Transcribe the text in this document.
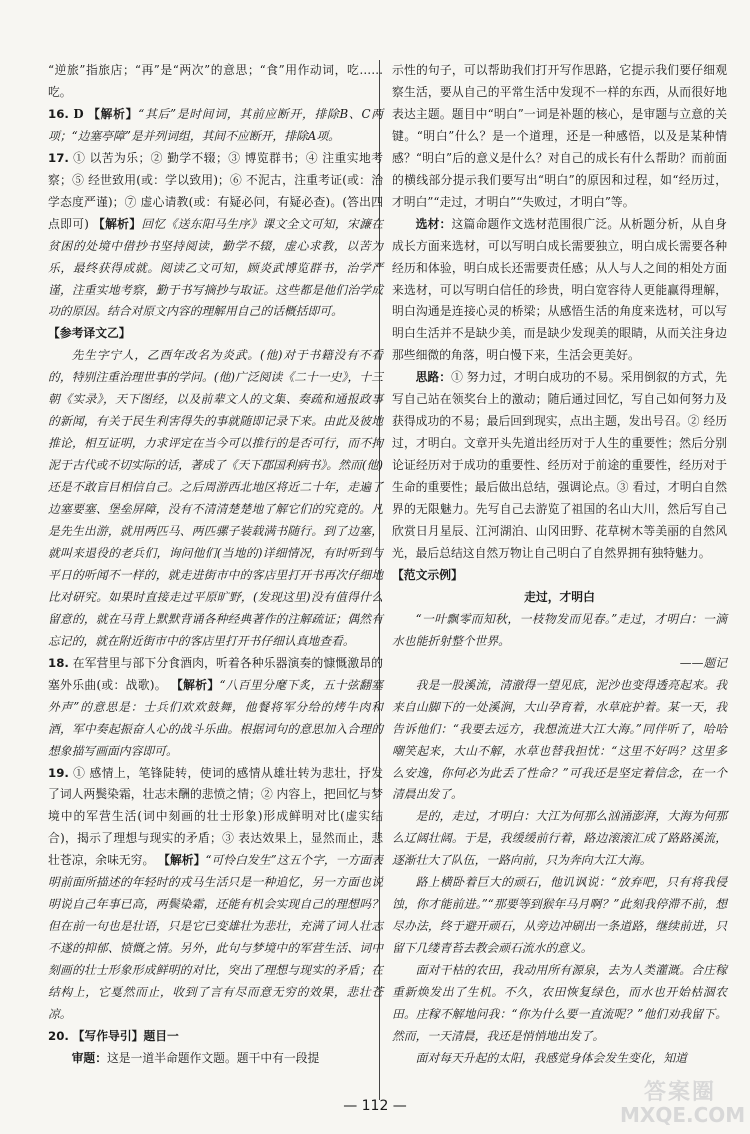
“逆旅”指旅店；“再”是“两次”的意思；“食”用作动词，吃……吃。

16. D 【解析】“其后”是时间词，其前应断开，排除B、C两项；“边塞亭障”是并列词组，其间不应断开，排除A项。

17. ① 以苦为乐；② 勤学不辍；③ 博览群书；④ 注重实地考察；⑤ 经世致用(或：学以致用)；⑥ 不泥古，注重考证(或：治学态度严谨)；⑦ 虚心请教(或：有疑必问，有疑必查)。(答出四点即可) 【解析】回忆《送东阳马生序》课文全文可知，宋濂在贫困的处境中借抄书坚持阅读，勤学不辍，虚心求教，以苦为乐，最终获得成就。阅读乙文可知，顾炎武博览群书，治学严谨，注重实地考察，勤于书写摘抄与取证。这些都是他们治学成功的原因。结合对原文内容的理解用自己的话概括即可。

【参考译文乙】

先生字宁人，乙酉年改名为炎武。(他)对于书籍没有不看的，特别注重治理世事的学问。(他)广泛阅读《二十一史》，十三朝《实录》，天下图经，以及前辈文人的文集、奏疏和通报政事的新闻，有关于民生利害得失的事就随即记录下来。由此及彼地推论，相互证明，力求评定在当今可以推行的是否可行，而不拘泥于古代或不切实际的话，著成了《天下郡国利病书》。然而(他)还是不敢盲目相信自己。之后周游西北地区将近二十年，走遍了边塞要塞、堡垒屏障，没有不清清楚楚地了解它们的究竟的。凡是先生出游，就用两匹马、两匹骡子装载满书随行。到了边塞，就叫来退役的老兵们，询问他们(当地的)详细情况，有时听到与平日的听闻不一样的，就走进街市中的客店里打开书再次仔细地比对研究。如果时直接走过平原旷野，(发现这里)没有值得什么留意的，就在马背上默默背诵各种经典著作的注解疏证；偶然有忘记的，就在附近街市中的客店里打开书仔细认真地查看。

18. 在军营里与部下分食酒肉，听着各种乐器演奏的慷慨激昂的塞外乐曲(或：战歌)。 【解析】“八百里分麾下炙，五十弦翻塞外声”的意思是：士兵们欢欢鼓舞，他餐将军分给的烤牛肉和酒，军中奏起振奋人心的战斗乐曲。根据词句的意思加入合理的想象描写画面内容即可。

19. ① 感情上，笔锋陡转，使词的感情从雄壮转为悲壮，抒发了词人两鬓染霜，壮志未酬的悲愤之情；② 内容上，把回忆与梦境中的军营生活(词中刻画的壮士形象)形成鲜明对比(虚实结合)，揭示了理想与现实的矛盾；③ 表达效果上，显然而止，悲壮苍凉，余味无穷。 【解析】“可怜白发生”这五个字，一方面表明前面所描述的年轻时的戎马生活只是一种追忆，另一方面也说明说自己年事已高，两鬓染霜，还能有机会实现自己的理想吗？但在前一句也是壮语，只是它已变雄壮为悲壮，充满了词人壮志不遂的抑郁、愤慨之情。另外，此句与梦境中的军营生活、词中刻画的壮士形象形成鲜明的对比，突出了理想与现实的矛盾；在结构上，它戛然而止，收到了言有尽而意无穷的效果，悲壮苍凉。

20. 【写作导引】题目一

审题：这是一道半命题作文题。题干中有一段提

示性的句子，可以帮助我们打开写作思路，它提示我们要仔细观察生活，要从自己的平常生活中发现不一样的东西，从而很好地表达主题。题目中“明白”一词是补题的核心，是审题与立意的关键。“明白”什么？是一个道理，还是一种感悟，以及是某种情感？“明白”后的意义是什么？对自己的成长有什么帮助？而前面的横线部分提示我们要写出“明白”的原因和过程，如“经历过，才明白”“走过，才明白”“失败过，才明白”等。

选材：这篇命题作文选材范围很广泛。从析题分析，从自身成长方面来选材，可以写明白成长需要独立，明白成长需要各种经历和体验，明白成长还需要责任感；从人与人之间的相处方面来选材，可以写明白信任的珍贵，明白宽容待人更能赢得理解，明白沟通是连接心灵的桥梁；从感悟生活的角度来选材，可以写明白生活并不是缺少美，而是缺少发现美的眼睛，从而关注身边那些细微的角落，明白慢下来，生活会更美好。

思路：① 努力过，才明白成功的不易。采用倒叙的方式，先写自己站在领奖台上的激动；随后通过回忆，写自己如何努力及获得成功的不易；最后回到现实，点出主题，发出号召。② 经历过，才明白。文章开头先道出经历对于人生的重要性；然后分别论证经历对于成功的重要性、经历对于前途的重要性，经历对于生命的重要性；最后做出总结，强调论点。③ 看过，才明白自然界的无限魅力。先写自己去游览了祖国的名山大川，然后写自己欣赏日月星辰、江河湖泊、山冈田野、花草树木等美丽的自然风光，最后总结这自然万物让自己明白了自然界拥有独特魅力。

【范文示例】

走过，才明白

“一叶飘零而知秋，一枝物发而见春。”走过，才明白：一滴水也能折射整个世界。

——题记

我是一股溪流，清澈得一望见底，泥沙也变得透亮起来。我来自山脚下的一处溪涧，大山孕育着，水草庇护着。某一天，我告诉他们：“我要去远方，我想流进大江大海。”同伴听了，哈哈嘲笑起来，大山不解，水草也替我担忧：“这里不好吗？这里多么安逸，你何必为此丢了性命？”可我还是坚定着信念，在一个清晨出发了。

是的，走过，才明白：大江为何那么汹涌澎湃，大海为何那么辽阔壮阔。于是，我缓缓前行着，路边滚滚汇成了路路溪流，逐渐壮大了队伍，一路向前，只为奔向大江大海。

路上横卧着巨大的顽石，他讥讽说：“放弃吧，只有将我侵蚀，你才能前进。”“那要等到猴年马月啊？”此刻我停滞不前，想尽办法，终于避开顽石，从旁边冲刷出一条道路，继续前进，只留下几缕青苔去教会顽石流水的意义。

面对干枯的农田，我动用所有源泉，去为人类灌溉。合庄稼重新焕发出了生机。不久，农田恢复绿色，而水也开始枯涸农田。庄稼不解地问我：“你为什么要一直流呢？”他们劝我留下。然而，一天清晨，我还是悄悄地出发了。

面对每天升起的太阳，我感觉身体会发生变化，知道

— 112 —
答案圈
MXQE.COM
